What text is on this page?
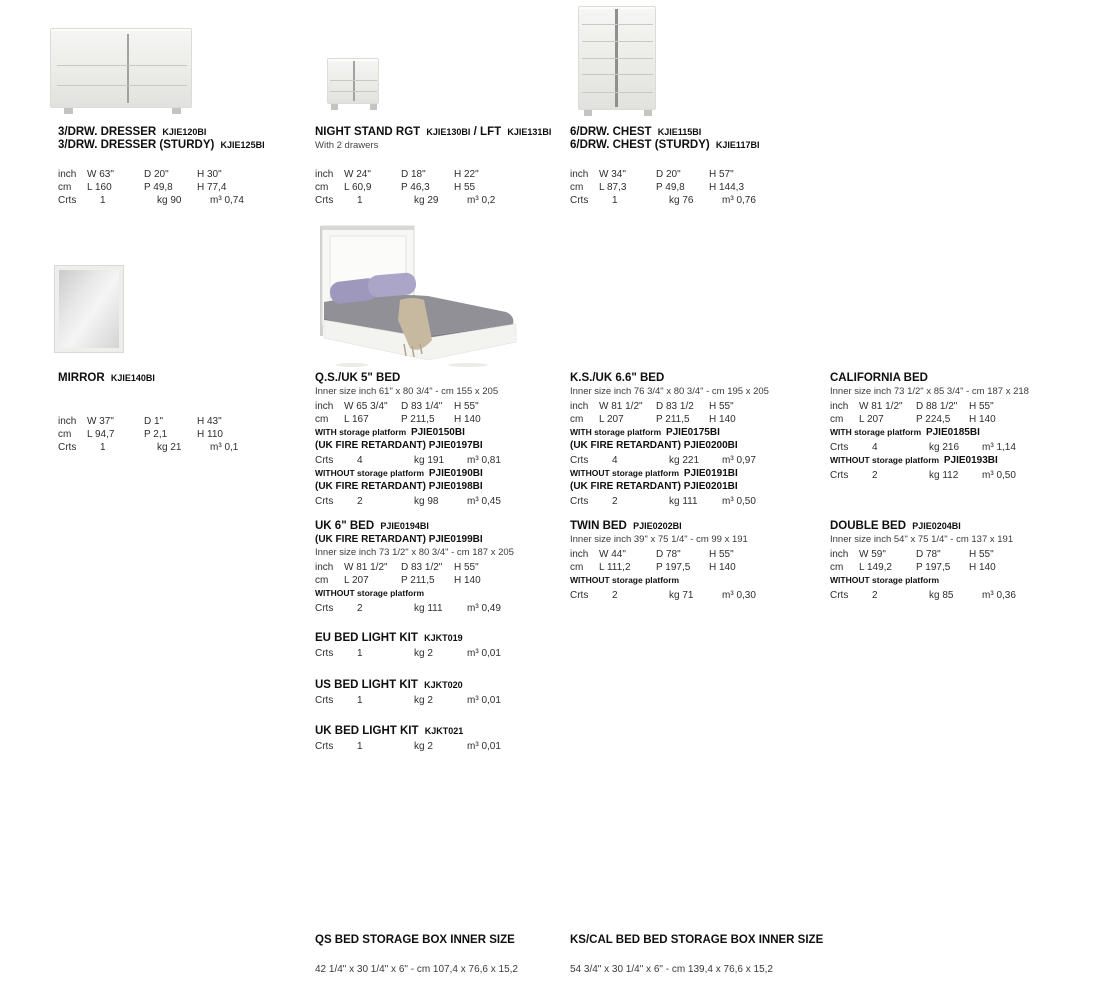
3/DRW. DRESSER KJIE120BI
3/DRW. DRESSER (STURDY) KJIE125BI
inch	W 63"	D 20"	H 30"
cm	L 160	P 49,8	H 77,4
Crts	1	kg 90	m³ 0,74
NIGHT STAND RGT KJIE130BI / LFT KJIE131BI
With 2 drawers
inch	W 24"	D 18"	H 22"
cm	L 60,9	P 46,3	H 55
Crts	1	kg 29	m³ 0,2
6/DRW. CHEST KJIE115BI
6/DRW. CHEST (STURDY) KJIE117BI
inch	W 34"	D 20"	H 57"
cm	L 87,3	P 49,8	H 144,3
Crts	1	kg 76	m³ 0,76
MIRROR KJIE140BI
inch	W 37"	D 1"	H 43"
cm	L 94,7	P 2,1	H 110
Crts	1	kg 21	m³ 0,1
Q.S./UK 5" BED
Inner size inch 61" x 80 3/4" - cm 155 x 205
inch	W 65 3/4"	D 83 1/4"	H 55"
cm	L 167	P 211,5	H 140
WITH storage platform PJIE0150BI
(UK FIRE RETARDANT) PJIE0197BI
Crts	4	kg 191	m³ 0,81
WITHOUT storage platform PJIE0190BI
(UK FIRE RETARDANT) PJIE0198BI
Crts	2	kg 98	m³ 0,45
K.S./UK 6.6" BED
Inner size inch 76 3/4" x 80 3/4" - cm 195 x 205
inch	W 81 1/2"	D 83 1/2	H 55"
cm	L 207	P 211,5	H 140
WITH storage platform PJIE0175BI
(UK FIRE RETARDANT) PJIE0200BI
Crts	4	kg 221	m³ 0,97
WITHOUT storage platform PJIE0191BI
(UK FIRE RETARDANT) PJIE0201BI
Crts	2	kg 111	m³ 0,50
CALIFORNIA BED
Inner size inch 73 1/2" x 85 3/4" - cm 187 x 218
inch	W 81 1/2"	D 88 1/2"	H 55"
cm	L 207	P 224,5	H 140
WITH storage platform PJIE0185BI
Crts	4	kg 216	m³ 1,14
WITHOUT storage platform PJIE0193BI
Crts	2	kg 112	m³ 0,50
UK 6" BED PJIE0194BI
(UK FIRE RETARDANT) PJIE0199BI
Inner size inch 73 1/2" x 80 3/4" - cm 187 x 205
inch	W 81 1/2"	D 83 1/2"	H 55"
cm	L 207	P 211,5	H 140
WITHOUT storage platform
Crts	2	kg 111	m³ 0,49
TWIN BED PJIE0202BI
Inner size inch 39" x 75 1/4" - cm 99 x 191
inch	W 44"	D 78"	H 55"
cm	L 111,2	P 197,5	H 140
WITHOUT storage platform
Crts	2	kg 71	m³ 0,30
DOUBLE BED PJIE0204BI
Inner size inch 54" x 75 1/4" - cm 137 x 191
inch	W 59"	D 78"	H 55"
cm	L 149,2	P 197,5	H 140
WITHOUT storage platform
Crts	2	kg 85	m³ 0,36
EU BED LIGHT KIT KJKT019
Crts	1	kg 2	m³ 0,01
US BED LIGHT KIT KJKT020
Crts	1	kg 2	m³ 0,01
UK BED LIGHT KIT KJKT021
Crts	1	kg 2	m³ 0,01
QS BED STORAGE BOX INNER SIZE
42 1/4" x 30 1/4" x 6" - cm 107,4 x 76,6 x 15,2
KS/CAL BED BED STORAGE BOX INNER SIZE
54 3/4" x 30 1/4" x 6" - cm 139,4 x 76,6 x 15,2
